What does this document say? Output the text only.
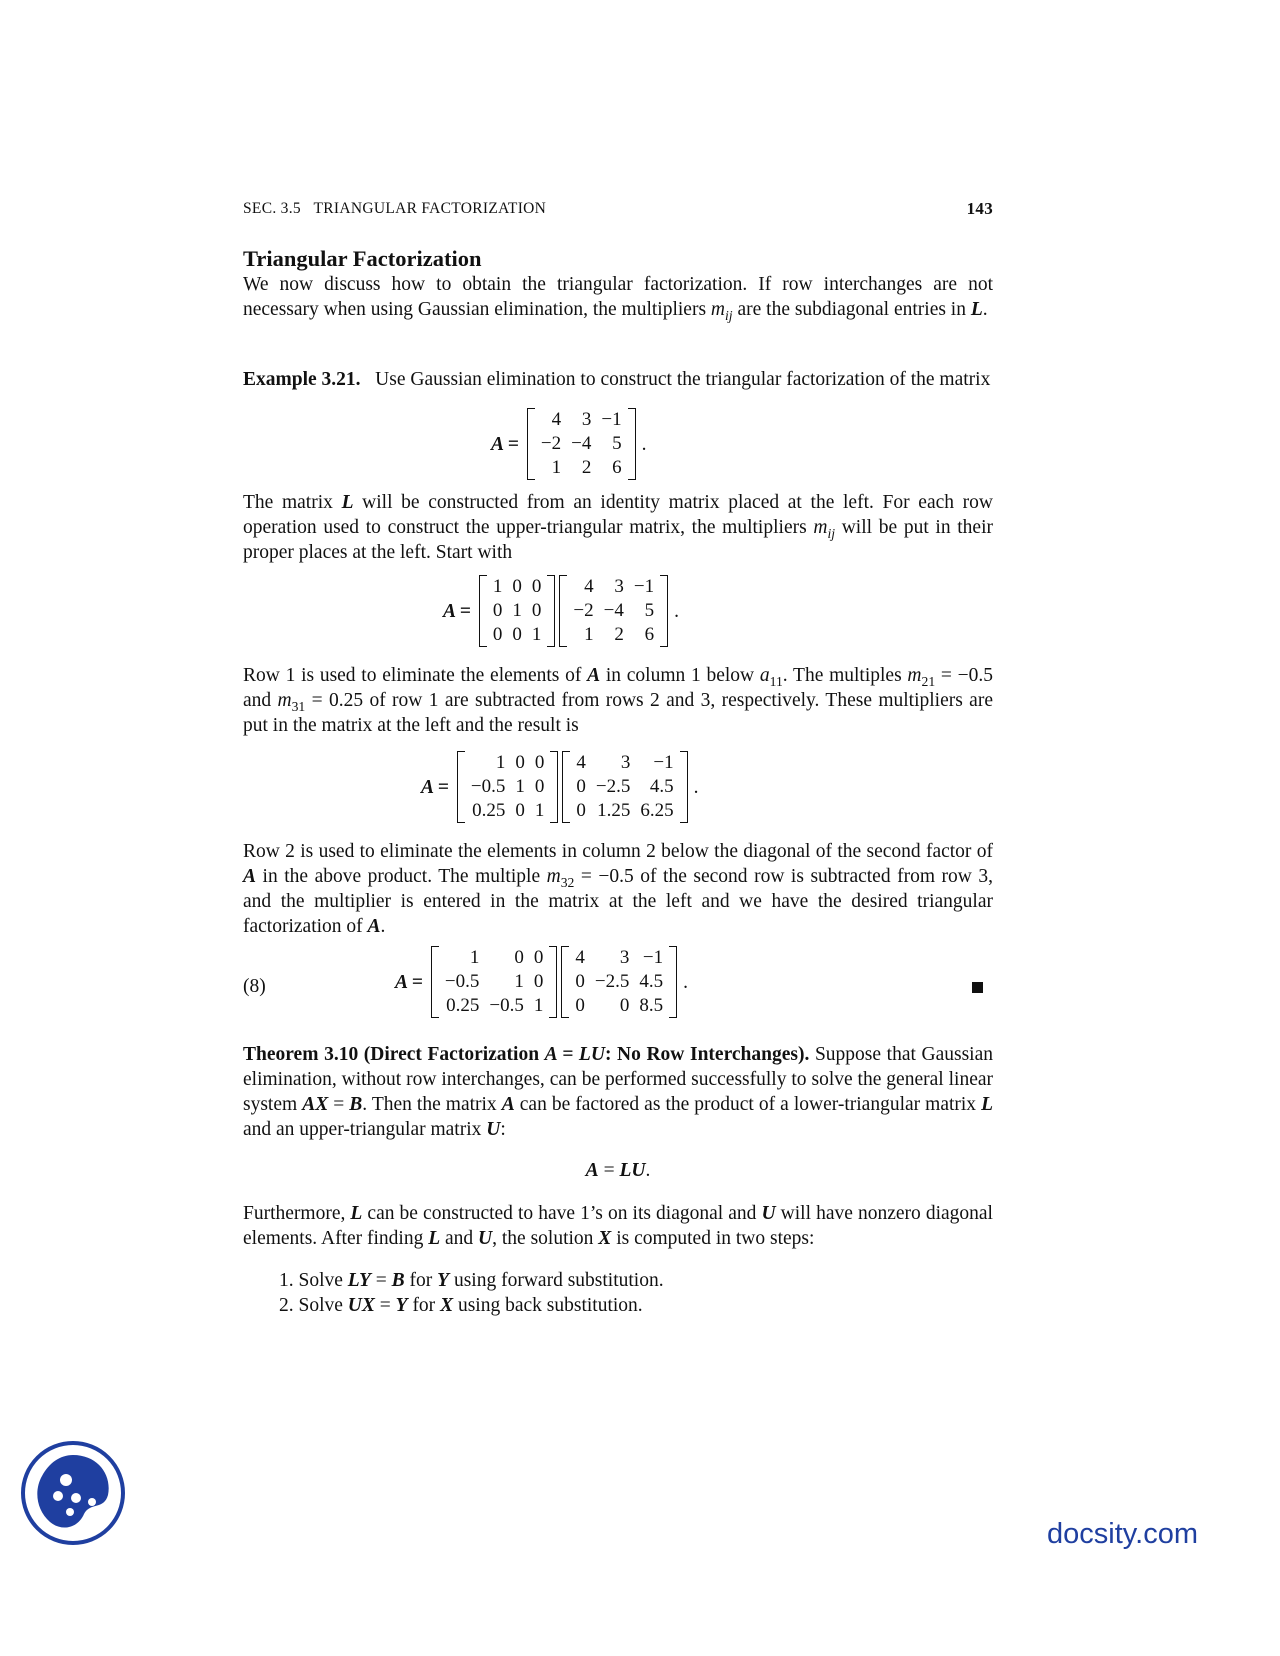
SEC. 3.5 TRIANGULAR FACTORIZATION	143
Triangular Factorization

We now discuss how to obtain the triangular factorization. If row interchanges are not necessary when using Gaussian elimination, the multipliers $m_{ij}$ are the subdiagonal entries in L.

Example 3.21. Use Gaussian elimination to construct the triangular factorization of the matrix

A =
4	3	−1
−2	−4	5
1	2	6
.

The matrix L will be constructed from an identity matrix placed at the left. For each row operation used to construct the upper-triangular matrix, the multipliers $m_{ij}$ will be put in their proper places at the left. Start with

A =
1	0	0
0	1	0
0	0	1
4	3	−1
−2	−4	5
1	2	6
.

Row 1 is used to eliminate the elements of A in column 1 below $a_{11}$. The multiples $m_{21} = -0.5$ and $m_{31} = 0.25$ of row 1 are subtracted from rows 2 and 3, respectively. These multipliers are put in the matrix at the left and the result is

A =
1	0	0
−0.5	1	0
0.25	0	1
4	3	−1
0	−2.5	4.5
0	1.25	6.25
.

Row 2 is used to eliminate the elements in column 2 below the diagonal of the second factor of A in the above product. The multiple $m_{32} = -0.5$ of the second row is subtracted from row 3, and the multiplier is entered in the matrix at the left and we have the desired triangular factorization of A.

(8)	A =
1	0	0
−0.5	1	0
0.25	−0.5	1
4	3	−1
0	−2.5	4.5
0	0	8.5
.

Theorem 3.10 (Direct Factorization A = LU: No Row Interchanges). Suppose that Gaussian elimination, without row interchanges, can be performed successfully to solve the general linear system AX = B. Then the matrix A can be factored as the product of a lower-triangular matrix L and an upper-triangular matrix U:

A = LU.

Furthermore, L can be constructed to have 1’s on its diagonal and U will have nonzero diagonal elements. After finding L and U, the solution X is computed in two steps:

1. Solve LY = B for Y using forward substitution.
2. Solve UX = Y for X using back substitution.
docsity.com
